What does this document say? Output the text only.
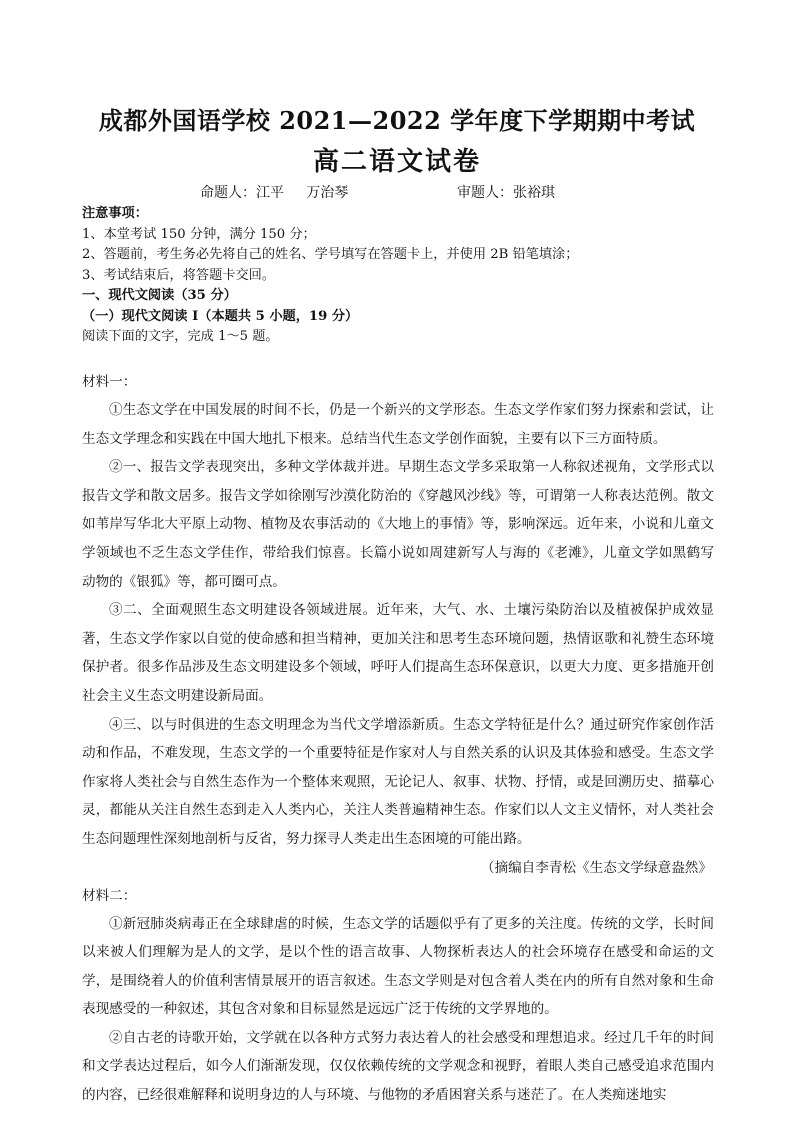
成都外国语学校 2021—2022 学年度下学期期中考试
高二语文试卷
命题人：江平     万治琴	审题人：张裕琪

注意事项：

1、本堂考试 150 分钟，满分 150 分；

2、答题前，考生务必先将自己的姓名、学号填写在答题卡上，并使用 2B 铅笔填涂；

3、考试结束后，将答题卡交回。

一、现代文阅读（35 分）

（一）现代文阅读 I（本题共 5 小题，19 分）

阅读下面的文字，完成 1～5 题。

材料一：

①生态文学在中国发展的时间不长，仍是一个新兴的文学形态。生态文学作家们努力探索和尝试，让生态文学理念和实践在中国大地扎下根来。总结当代生态文学创作面貌，主要有以下三方面特质。

②一、报告文学表现突出，多种文学体裁并进。早期生态文学多采取第一人称叙述视角，文学形式以报告文学和散文居多。报告文学如徐刚写沙漠化防治的《穿越风沙线》等，可谓第一人称表达范例。散文如苇岸写华北大平原上动物、植物及农事活动的《大地上的事情》等，影响深远。近年来，小说和儿童文学领域也不乏生态文学佳作，带给我们惊喜。长篇小说如周建新写人与海的《老滩》，儿童文学如黑鹤写动物的《银狐》等，都可圈可点。

③二、全面观照生态文明建设各领域进展。近年来，大气、水、土壤污染防治以及植被保护成效显著，生态文学作家以自觉的使命感和担当精神，更加关注和思考生态环境问题，热情讴歌和礼赞生态环境保护者。很多作品涉及生态文明建设多个领域，呼吁人们提高生态环保意识，以更大力度、更多措施开创社会主义生态文明建设新局面。

④三、以与时俱进的生态文明理念为当代文学增添新质。生态文学特征是什么？通过研究作家创作活动和作品，不难发现，生态文学的一个重要特征是作家对人与自然关系的认识及其体验和感受。生态文学作家将人类社会与自然生态作为一个整体来观照，无论记人、叙事、状物、抒情，或是回溯历史、描摹心灵，都能从关注自然生态到走入人类内心，关注人类普遍精神生态。作家们以人文主义情怀，对人类社会生态问题理性深刻地剖析与反省，努力探寻人类走出生态困境的可能出路。

（摘编自李青松《生态文学绿意盎然》

材料二：

①新冠肺炎病毒正在全球肆虐的时候，生态文学的话题似乎有了更多的关注度。传统的文学，长时间以来被人们理解为是人的文学，是以个性的语言故事、人物探析表达人的社会环境存在感受和命运的文学，是围绕着人的价值利害情景展开的语言叙述。生态文学则是对包含着人类在内的所有自然对象和生命表现感受的一种叙述，其包含对象和目标显然是远远广泛于传统的文学界地的。

②自古老的诗歌开始，文学就在以各种方式努力表达着人的社会感受和理想追求。经过几千年的时间和文学表达过程后，如今人们渐渐发现，仅仅依赖传统的文学观念和视野，着眼人类自己感受追求范围内的内容，已经很难解释和说明身边的人与环境、与他物的矛盾困窘关系与迷茫了。在人类痴迷地实
